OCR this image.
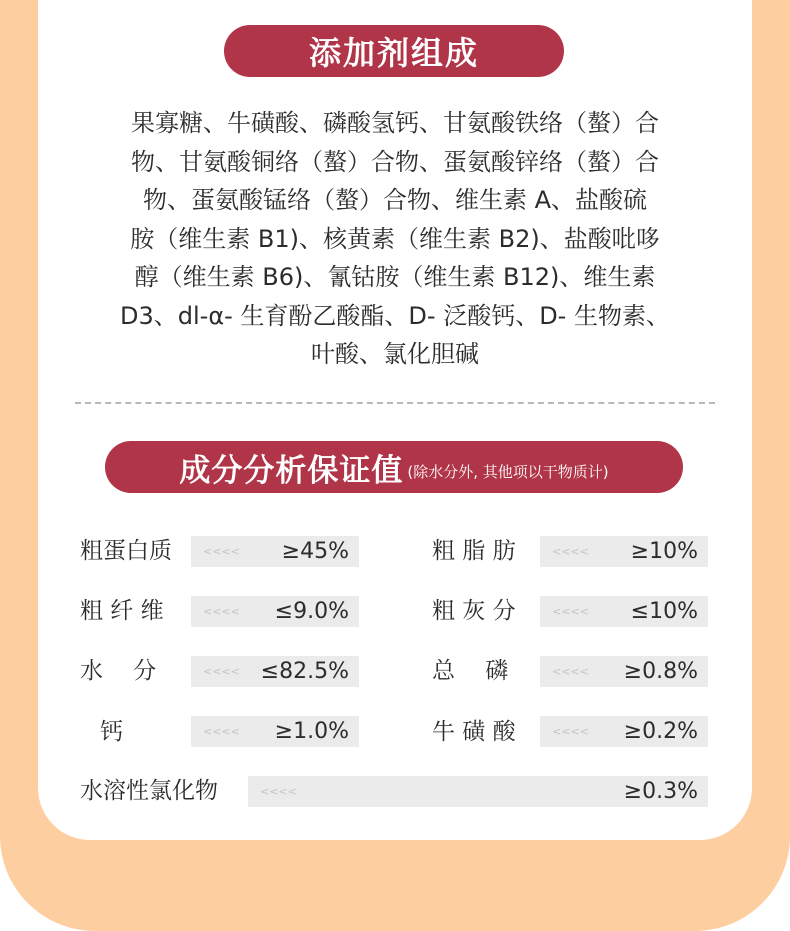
添加剂组成
果寡糖、牛磺酸、磷酸氢钙、甘氨酸铁络（螯）合
物、甘氨酸铜络（螯）合物、蛋氨酸锌络（螯）合
物、蛋氨酸锰络（螯）合物、维生素 A、盐酸硫
胺（维生素 B1)、核黄素（维生素 B2)、盐酸吡哆
醇（维生素 B6)、氰钴胺（维生素 B12)、维生素
D3、dl-α- 生育酚乙酸酯、D- 泛酸钙、D- 生物素、
叶酸、氯化胆碱
成分分析保证值 (除水分外, 其他项以干物质计)
粗蛋白质	<<<< ≥45%	粗 脂 肪	<<<< ≥10%
粗 纤 维	<<<< ≤9.0%	粗 灰 分	<<<< ≤10%
水　 分	<<<< ≤82.5%	总　 磷	<<<< ≥0.8%
钙	<<<< ≥1.0%	牛 磺 酸	<<<< ≥0.2%
水溶性氯化物	<<<<	≥0.3%
